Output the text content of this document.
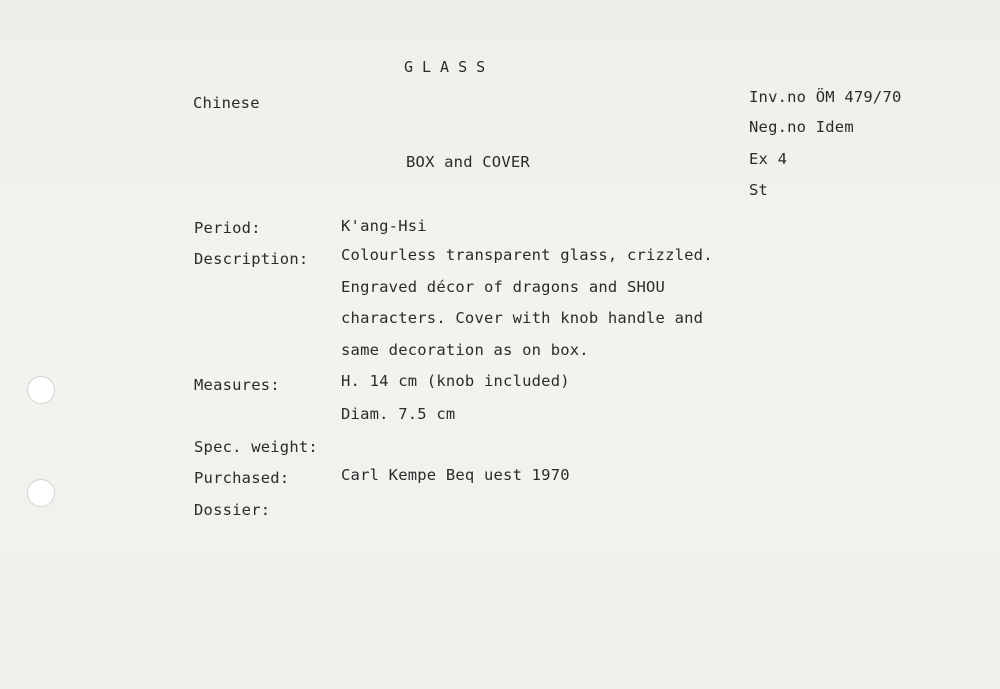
GLASS
Chinese
BOX and COVER
Inv.no ÖM 479/70
Neg.no Idem
Ex 4
St
Period:	K'ang-Hsi
Description: Colourless transparent glass, crizzled.
Engraved décor of dragons and SHOU
characters. Cover with knob handle and
same decoration as on box.
Measures:	H. 14 cm (knob included)
Diam. 7.5 cm
Spec. weight:
Purchased:	Carl Kempe Beq uest 1970
Dossier:
